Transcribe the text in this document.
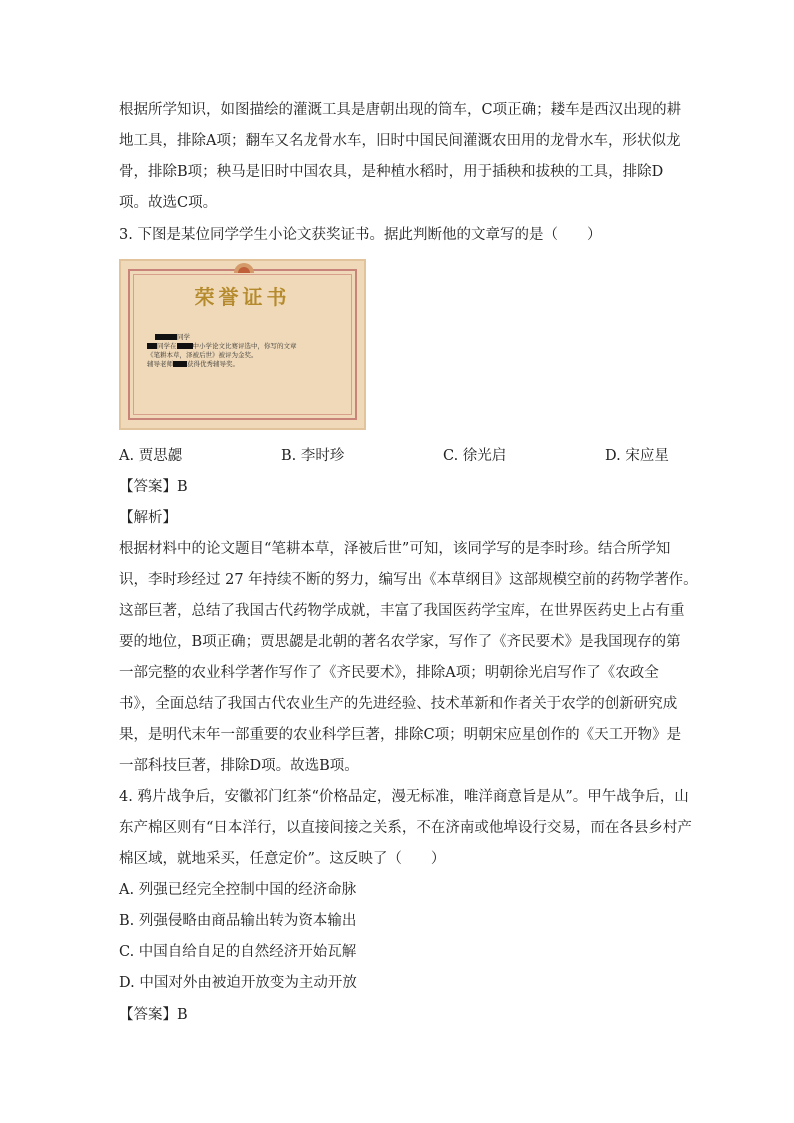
根据所学知识，如图描绘的灌溉工具是唐朝出现的筒车，C项正确；耧车是西汉出现的耕
地工具，排除A项；翻车又名龙骨水车，旧时中国民间灌溉农田用的龙骨水车，形状似龙
骨，排除B项；秧马是旧时中国农具，是种植水稻时，用于插秧和拔秧的工具，排除D
项。故选C项。
3. 下图是某位同学学生小论文获奖证书。据此判断他的文章写的是（　　）
荣誉证书
同学
同学在 中小学论文比赛评选中，你写的文章
《笔耕本草，泽被后世》被评为金奖。
辅导老师 获得优秀辅导奖。
A. 贾思勰	B. 李时珍	C. 徐光启	D. 宋应星
【答案】B
【解析】
根据材料中的论文题目“笔耕本草，泽被后世”可知，该同学写的是李时珍。结合所学知
识，李时珍经过 27 年持续不断的努力，编写出《本草纲目》这部规模空前的药物学著作。
这部巨著，总结了我国古代药物学成就，丰富了我国医药学宝库，在世界医药史上占有重
要的地位，B项正确；贾思勰是北朝的著名农学家，写作了《齐民要术》是我国现存的第
一部完整的农业科学著作写作了《齐民要术》，排除A项；明朝徐光启写作了《农政全
书》，全面总结了我国古代农业生产的先进经验、技术革新和作者关于农学的创新研究成
果，是明代末年一部重要的农业科学巨著，排除C项；明朝宋应星创作的《天工开物》是
一部科技巨著，排除D项。故选B项。
4. 鸦片战争后，安徽祁门红茶“价格品定，漫无标准，唯洋商意旨是从”。甲午战争后，山
东产棉区则有“日本洋行，以直接间接之关系，不在济南或他埠设行交易，而在各县乡村产
棉区域，就地采买，任意定价”。这反映了（　　）
A. 列强已经完全控制中国的经济命脉
B. 列强侵略由商品输出转为资本输出
C. 中国自给自足的自然经济开始瓦解
D. 中国对外由被迫开放变为主动开放
【答案】B
